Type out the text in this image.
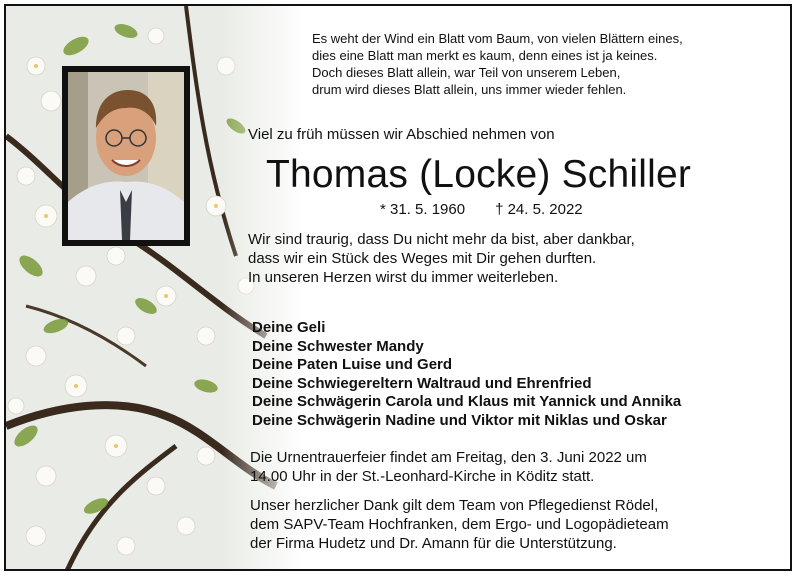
Es weht der Wind ein Blatt vom Baum, von vielen Blättern eines,
dies eine Blatt man merkt es kaum, denn eines ist ja keines.
Doch dieses Blatt allein, war Teil von unserem Leben,
drum wird dieses Blatt allein, uns immer wieder fehlen.
Viel zu früh müssen wir Abschied nehmen von
Thomas (Locke) Schiller
* 31. 5. 1960 † 24. 5. 2022
Wir sind traurig, dass Du nicht mehr da bist, aber dankbar,
dass wir ein Stück des Weges mit Dir gehen durften.
In unseren Herzen wirst du immer weiterleben.
Deine Geli
Deine Schwester Mandy
Deine Paten Luise und Gerd
Deine Schwiegereltern Waltraud und Ehrenfried
Deine Schwägerin Carola und Klaus mit Yannick und Annika
Deine Schwägerin Nadine und Viktor mit Niklas und Oskar
Die Urnentrauerfeier findet am Freitag, den 3. Juni 2022 um
14.00 Uhr in der St.-Leonhard-Kirche in Köditz statt.
Unser herzlicher Dank gilt dem Team von Pflegedienst Rödel,
dem SAPV-Team Hochfranken, dem Ergo- und Logopädieteam
der Firma Hudetz und Dr. Amann für die Unterstützung.
